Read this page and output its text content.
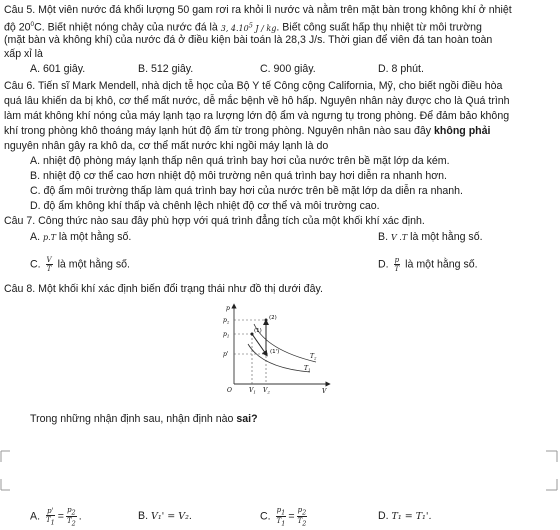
Câu 5. Một viên nước đá khối lượng 50 gam rơi ra khỏi lì nước và nằm trên mặt bàn trong không khí ở nhiệt
độ $20^0C$. Biết nhiệt nóng chảy của nước đá là 3, 4.10$^5$ J / kg. Biết công suất hấp thụ nhiệt từ môi trường
(mặt bàn và không khí) của nước đá ở điều kiện bài toán là 28,3 J/s. Thời gian để viên đá tan hoàn toàn
xấp xỉ là
A. 601 giây.	B. 512 giây.	C. 900 giây.	D. 8 phút.
Câu 6. Tiến sĩ Mark Mendell, nhà dịch tễ học của Bộ Y tế Công cộng California, Mỹ, cho biết ngồi điều hòa
quá lâu khiến da bị khô, cơ thể mất nước, dễ mắc bệnh về hô hấp. Nguyên nhân này được cho là Quá trình
làm mát không khí nóng của máy lạnh tạo ra lượng lớn độ ẩm và ngưng tụ trong phòng. Để đảm bảo không
khí trong phòng khô thoáng máy lạnh hút độ ẩm từ trong phòng. Nguyên nhân nào sau đây không phải
nguyên nhân gây ra khô da, cơ thể mất nước khi ngồi máy lạnh là do
A. nhiệt độ phòng máy lạnh thấp nên quá trình bay hơi của nước trên bề mặt lớp da kém.
B. nhiệt độ cơ thể cao hơn nhiệt độ môi trường nên quá trình bay hơi diễn ra nhanh hơn.
C. độ ẩm môi trường thấp làm quá trình bay hơi của nước trên bề mặt lớp da diễn ra nhanh.
D. độ ẩm không khí thấp và chênh lệch nhiệt độ cơ thể và môi trường cao.
Câu 7. Công thức nào sau đây phù hợp với quá trình đẳng tích của một khối khí xác định.
A. p.T là một hằng số.	B. V .T là một hằng số.
C. $\frac{V}{T}$ là một hằng số.	D. $\frac{p}{T}$ là một hằng số.
Câu 8. Một khối khí xác định biến đổi trạng thái như đồ thị dưới đây.
p
V
O
$p_2$
$p_1$
p'
$V_1$ $V_2$
(2)
(1)
(1')
$T_2$
$T_1$
Trong những nhận định sau, nhận định nào sai?
A. $\frac{p'}{T_1} = \frac{p_2}{T_2}$ .	B. V₁' = V₂.	C. $\frac{p_1}{T_1} = \frac{p_2}{T_2}$	D. T₁ = T₁'.
